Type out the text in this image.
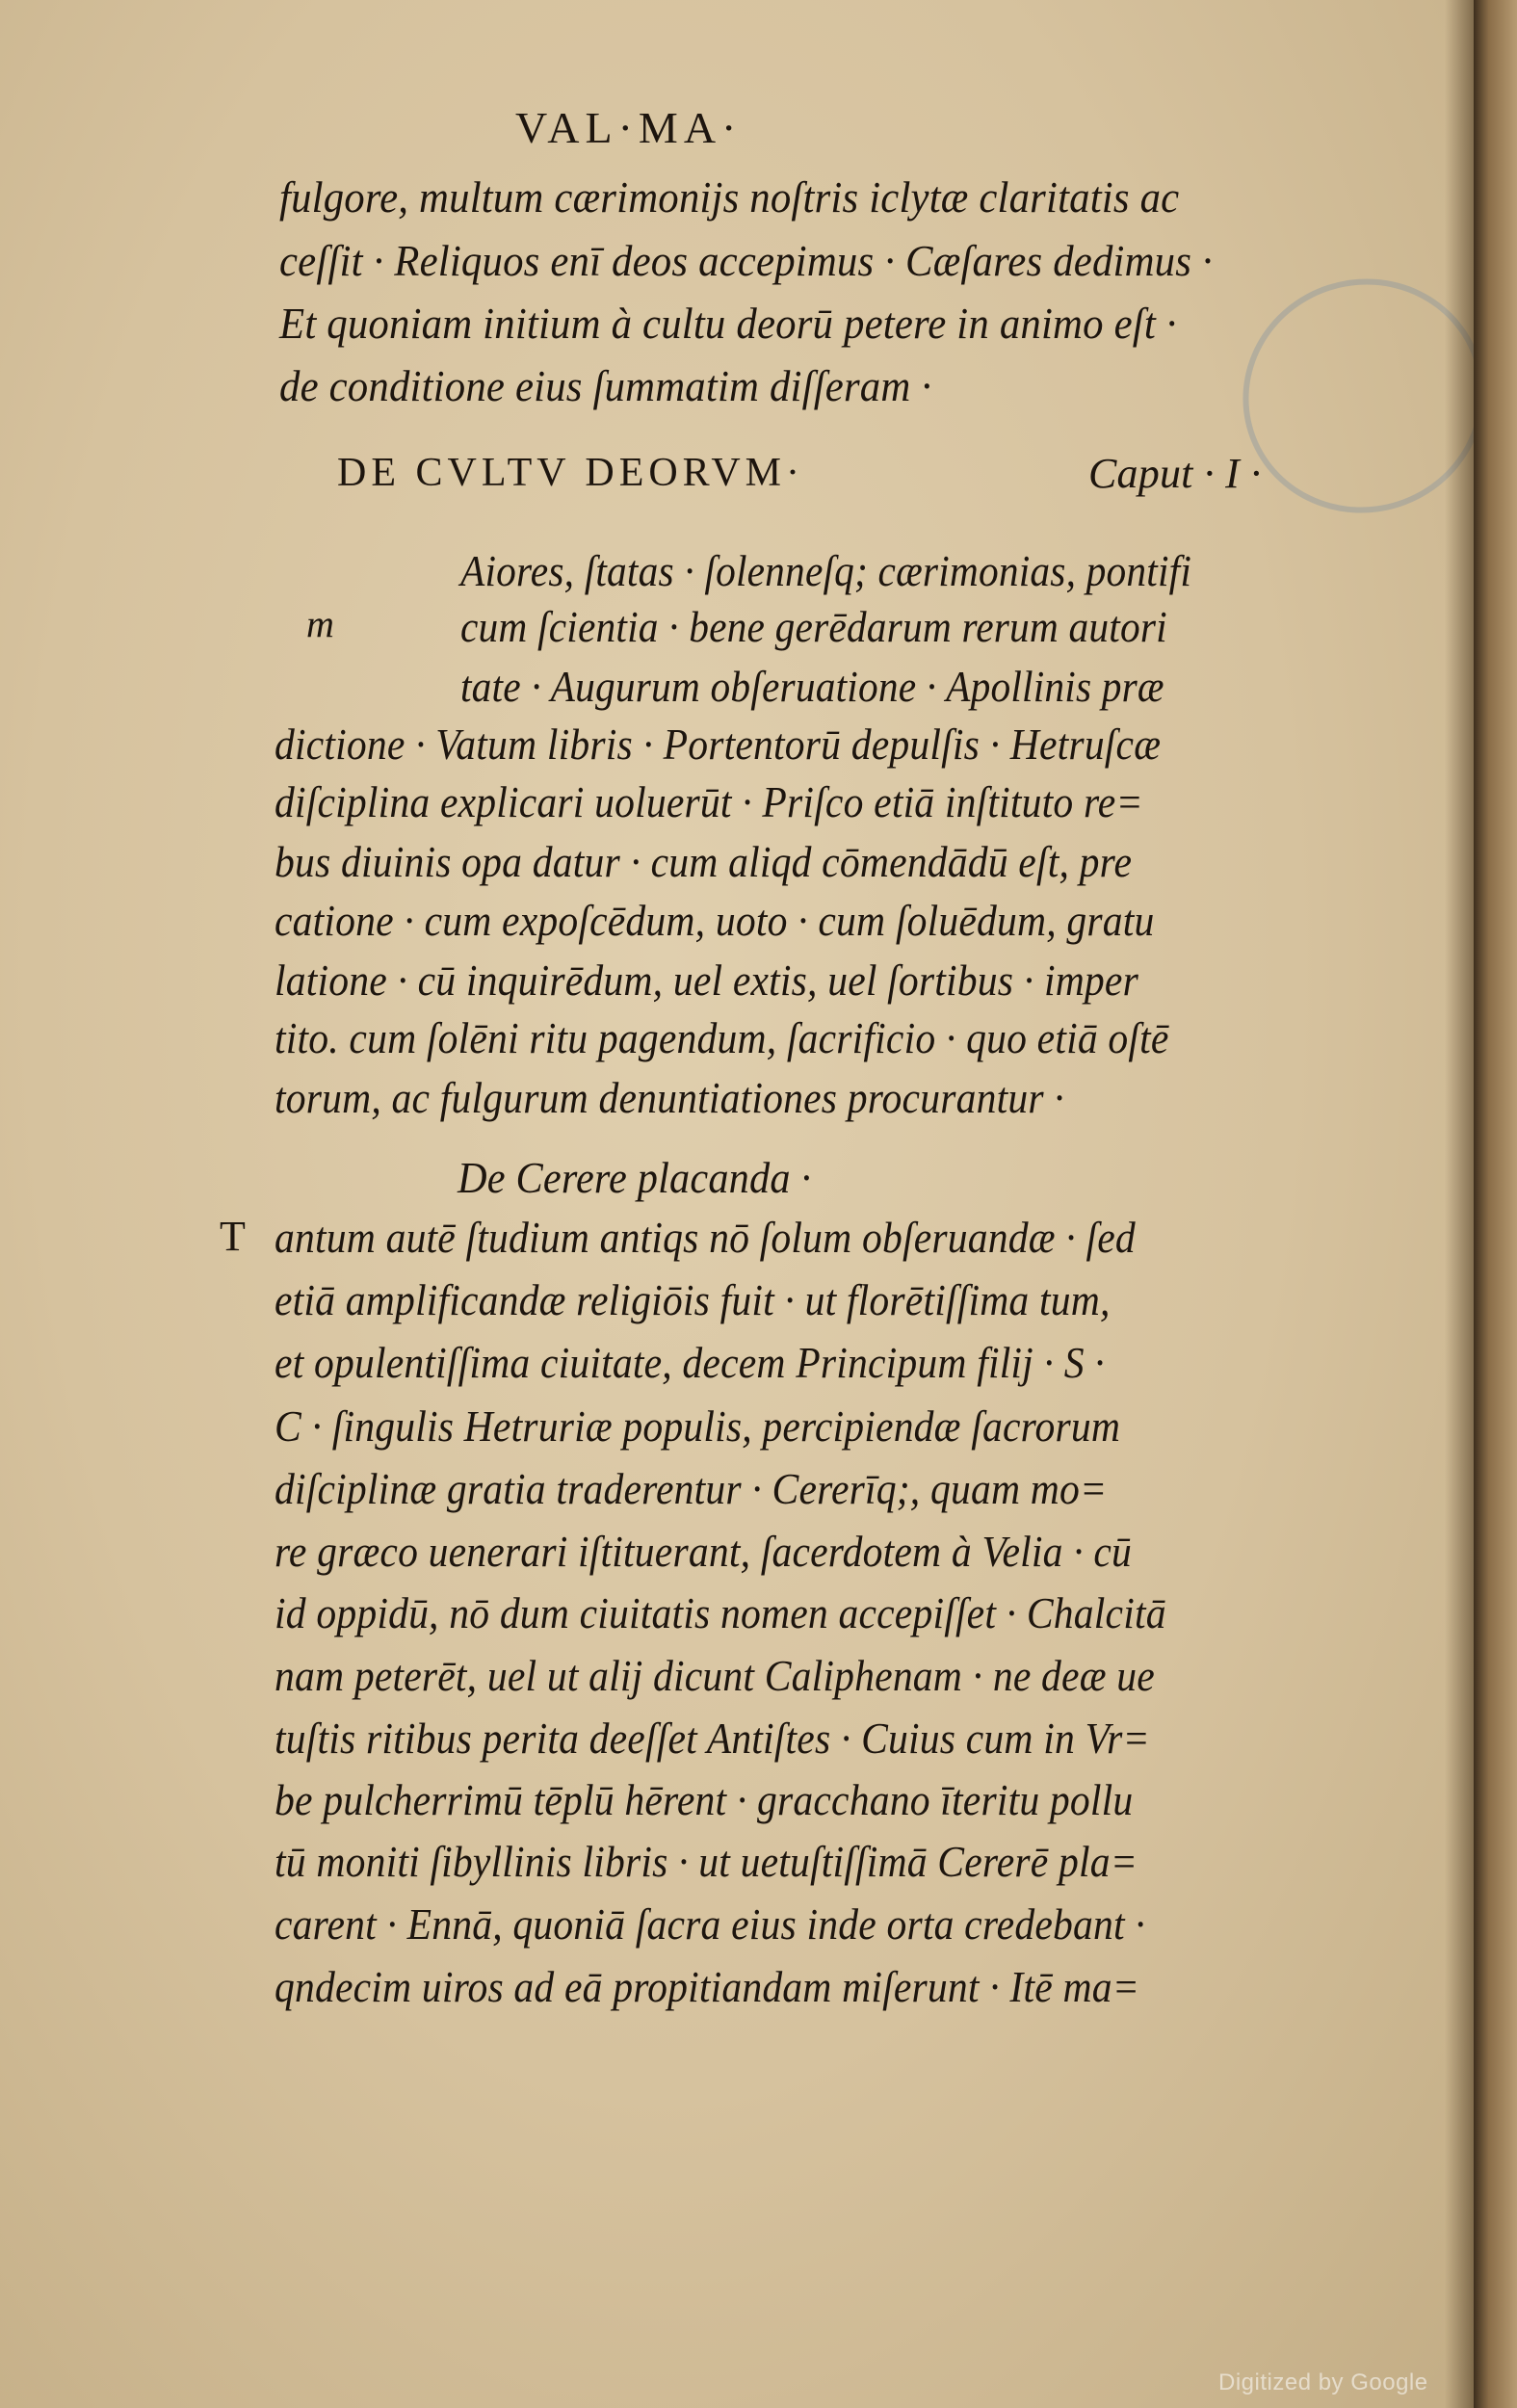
VAL·MA·
fulgore, multum cærimonijs noſtris iclytæ claritatis ac
ceſſit · Reliquos enī deos accepimus · Cæſares dedimus ·
Et quoniam initium à cultu deorū petere in animo eſt ·
de conditione eius ſummatim diſſeram ·
DE CVLTV DEORVM·	Caput · I ·
m
Aiores, ſtatas · ſolenneſq; cærimonias, pontifi
cum ſcientia · bene gerēdarum rerum autori
tate · Augurum obſeruatione · Apollinis præ
dictione · Vatum libris · Portentorū depulſis · Hetruſcæ
diſciplina explicari uoluerūt · Priſco etiā inſtituto re=
bus diuinis opa datur · cum aliqd cōmendādū eſt, pre
catione · cum expoſcēdum, uoto · cum ſoluēdum, gratu
latione · cū inquirēdum, uel extis, uel ſortibus · imper
tito. cum ſolēni ritu pagendum, ſacrificio · quo etiā oſtē
torum, ac fulgurum denuntiationes procurantur ·
De Cerere placanda ·
T antum autē ſtudium antiqs nō ſolum obſeruandæ · ſed
etiā amplificandæ religiōis fuit · ut florētiſſima tum,
et opulentiſſima ciuitate, decem Principum filij · S ·
C · ſingulis Hetruriæ populis, percipiendæ ſacrorum
diſciplinæ gratia traderentur · Cererīq;, quam mo=
re græco uenerari iſtituerant, ſacerdotem à Velia · cū
id oppidū, nō dum ciuitatis nomen accepiſſet · Chalcitā
nam peterēt, uel ut alij dicunt Caliphenam · ne deæ ue
tuſtis ritibus perita deeſſet Antiſtes · Cuius cum in Vr=
be pulcherrimū tēplū hērent · gracchano īteritu pollu
tū moniti ſibyllinis libris · ut uetuſtiſſimā Cererē pla=
carent · Ennā, quoniā ſacra eius inde orta credebant ·
qndecim uiros ad eā propitiandam miſerunt · Itē ma=
Digitized by Google
